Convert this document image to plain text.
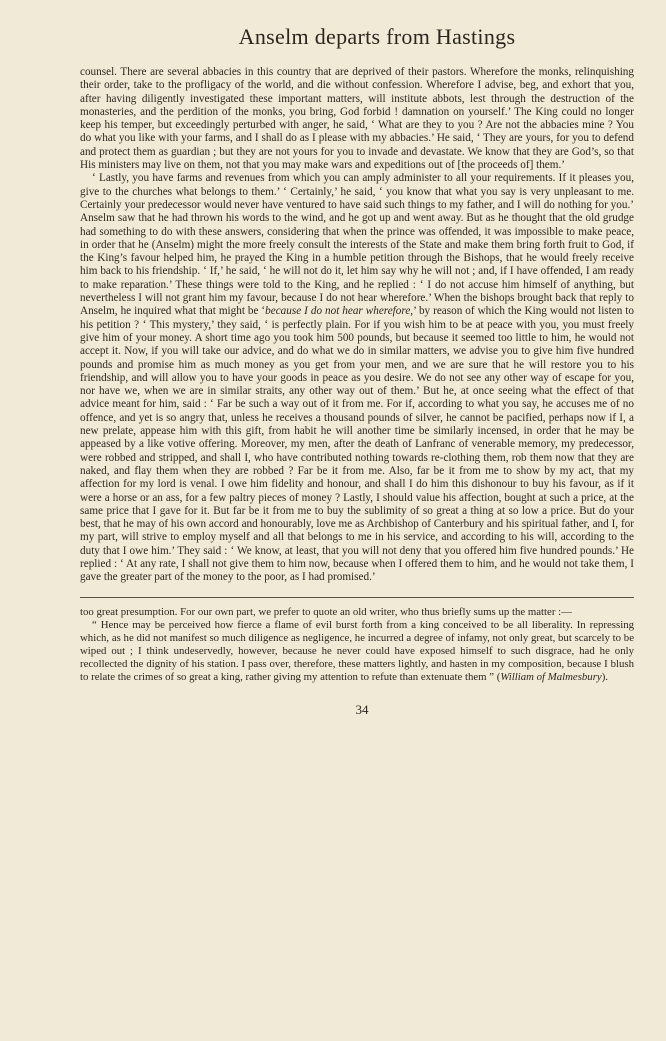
Anselm departs from Hastings

counsel. There are several abbacies in this country that are deprived of their pastors. Wherefore the monks, relinquishing their order, take to the profligacy of the world, and die without confession. Wherefore I advise, beg, and exhort that you, after having diligently investigated these important matters, will institute abbots, lest through the destruction of the monasteries, and the perdition of the monks, you bring, God forbid ! damnation on yourself.’ The King could no longer keep his temper, but exceedingly perturbed with anger, he said, ‘ What are they to you ? Are not the abbacies mine ? You do what you like with your farms, and I shall do as I please with my abbacies.’ He said, ‘ They are yours, for you to defend and protect them as guardian ; but they are not yours for you to invade and devastate. We know that they are God’s, so that His ministers may live on them, not that you may make wars and expeditions out of [the proceeds of] them.’

‘ Lastly, you have farms and revenues from which you can amply administer to all your requirements. If it pleases you, give to the churches what belongs to them.’ ‘ Certainly,’ he said, ‘ you know that what you say is very unpleasant to me. Certainly your predecessor would never have ventured to have said such things to my father, and I will do nothing for you.’ Anselm saw that he had thrown his words to the wind, and he got up and went away. But as he thought that the old grudge had something to do with these answers, considering that when the prince was offended, it was impossible to make peace, in order that he (Anselm) might the more freely consult the interests of the State and make them bring forth fruit to God, if the King’s favour helped him, he prayed the King in a humble petition through the Bishops, that he would freely receive him back to his friendship. ‘ If,’ he said, ‘ he will not do it, let him say why he will not ; and, if I have offended, I am ready to make reparation.’ These things were told to the King, and he replied : ‘ I do not accuse him himself of anything, but nevertheless I will not grant him my favour, because I do not hear wherefore.’ When the bishops brought back that reply to Anselm, he inquired what that might be ‘because I do not hear wherefore,’ by reason of which the King would not listen to his petition ? ‘ This mystery,’ they said, ‘ is perfectly plain. For if you wish him to be at peace with you, you must freely give him of your money. A short time ago you took him 500 pounds, but because it seemed too little to him, he would not accept it. Now, if you will take our advice, and do what we do in similar matters, we advise you to give him five hundred pounds and promise him as much money as you get from your men, and we are sure that he will restore you to his friendship, and will allow you to have your goods in peace as you desire. We do not see any other way of escape for you, nor have we, when we are in similar straits, any other way out of them.’ But he, at once seeing what the effect of that advice meant for him, said : ‘ Far be such a way out of it from me. For if, according to what you say, he accuses me of no offence, and yet is so angry that, unless he receives a thousand pounds of silver, he cannot be pacified, perhaps now if I, a new prelate, appease him with this gift, from habit he will another time be similarly incensed, in order that he may be appeased by a like votive offering. Moreover, my men, after the death of Lanfranc of venerable memory, my predecessor, were robbed and stripped, and shall I, who have contributed nothing towards re-clothing them, rob them now that they are naked, and flay them when they are robbed ? Far be it from me. Also, far be it from me to show by my act, that my affection for my lord is venal. I owe him fidelity and honour, and shall I do him this dishonour to buy his favour, as if it were a horse or an ass, for a few paltry pieces of money ? Lastly, I should value his affection, bought at such a price, at the same price that I gave for it. But far be it from me to buy the sublimity of so great a thing at so low a price. But do your best, that he may of his own accord and honourably, love me as Archbishop of Canterbury and his spiritual father, and I, for my part, will strive to employ myself and all that belongs to me in his service, and according to his will, according to the duty that I owe him.’ They said : ‘ We know, at least, that you will not deny that you offered him five hundred pounds.’ He replied : ‘ At any rate, I shall not give them to him now, because when I offered them to him, and he would not take them, I gave the greater part of the money to the poor, as I had promised.’

too great presumption. For our own part, we prefer to quote an old writer, who thus briefly sums up the matter :—

“ Hence may be perceived how fierce a flame of evil burst forth from a king conceived to be all liberality. In repressing which, as he did not manifest so much diligence as negligence, he incurred a degree of infamy, not only great, but scarcely to be wiped out ; I think undeservedly, however, because he never could have exposed himself to such disgrace, had he only recollected the dignity of his station. I pass over, therefore, these matters lightly, and hasten in my composition, because I blush to relate the crimes of so great a king, rather giving my attention to refute than extenuate them ” (William of Malmesbury).

34
